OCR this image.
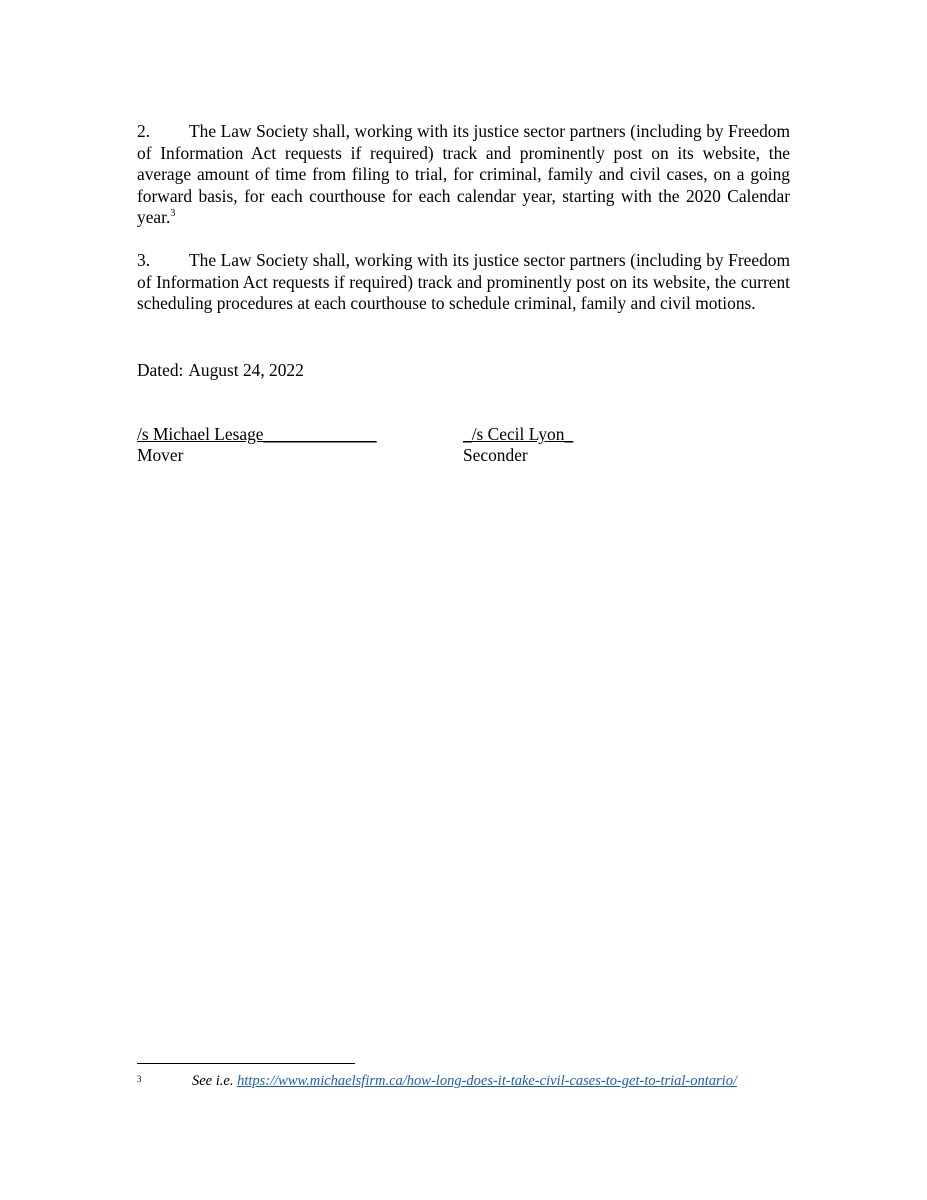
2. The Law Society shall, working with its justice sector partners (including by Freedom of Information Act requests if required) track and prominently post on its website, the average amount of time from filing to trial, for criminal, family and civil cases, on a going forward basis, for each courthouse for each calendar year, starting with the 2020 Calendar year.$^3$

3. The Law Society shall, working with its justice sector partners (including by Freedom of Information Act requests if required) track and prominently post on its website, the current scheduling procedures at each courthouse to schedule criminal, family and civil motions.

Dated: August 24, 2022
/s Michael Lesage_____________
Mover
_/s Cecil Lyon_
Seconder
3	See i.e. https://www.michaelsfirm.ca/how-long-does-it-take-civil-cases-to-get-to-trial-ontario/
